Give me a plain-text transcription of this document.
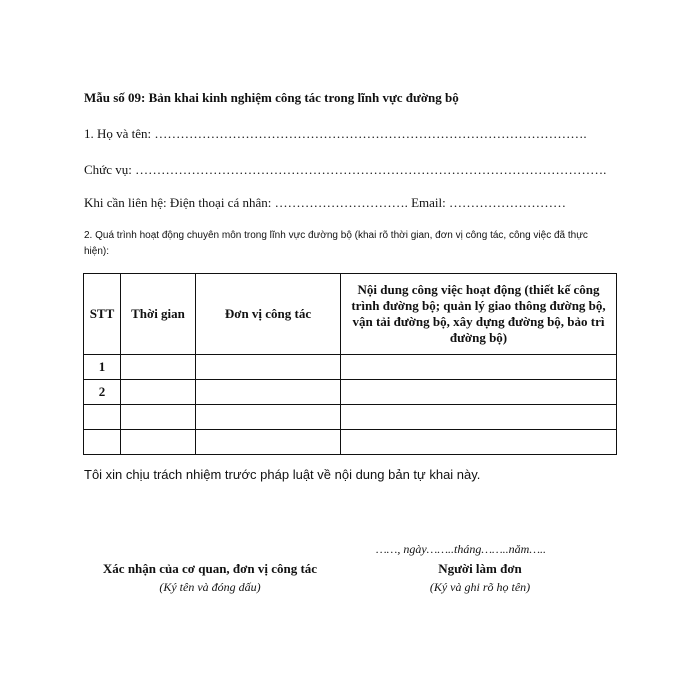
Mẫu số 09: Bản khai kinh nghiệm công tác trong lĩnh vực đường bộ
1. Họ và tên: ……………………………………………………………………………………….
Chức vụ: ……………………………………………………………………………………………….
Khi cần liên hệ: Điện thoại cá nhân: …………………………. Email: ………………………
2. Quá trình hoạt động chuyên môn trong lĩnh vực đường bộ (khai rõ thời gian, đơn vị công tác, công việc đã thực hiện):
STT	Thời gian	Đơn vị công tác	Nội dung công việc hoạt động (thiết kế công trình đường bộ; quản lý giao thông đường bộ, vận tải đường bộ, xây dựng đường bộ, bảo trì đường bộ)
1			
2			

Tôi xin chịu trách nhiệm trước pháp luật về nội dung bản tự khai này.
……, ngày……..tháng……..năm…..
Xác nhận của cơ quan, đơn vị công tác
(Ký tên và đóng dấu)
Người làm đơn
(Ký và ghi rõ họ tên)
